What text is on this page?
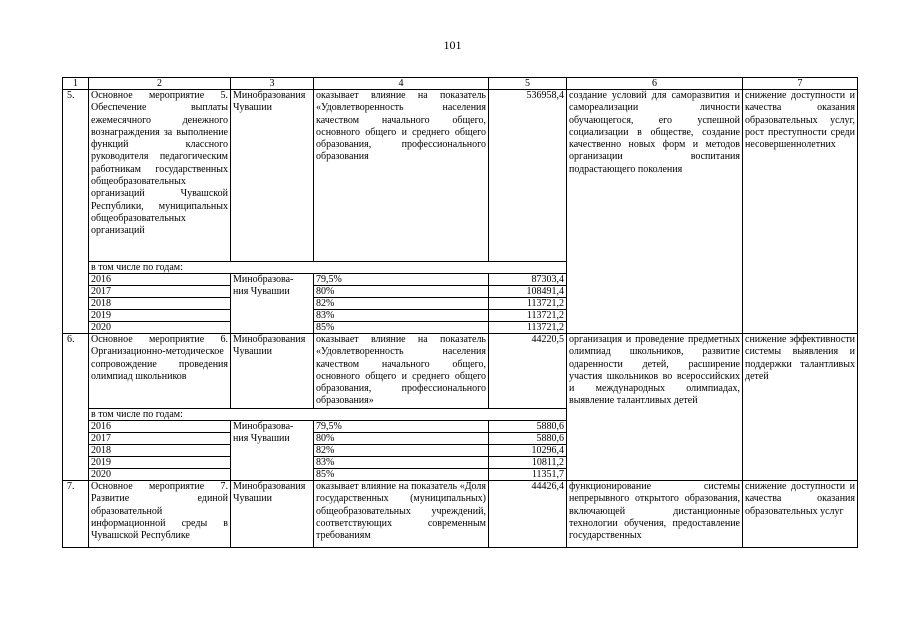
101
1	2	3	4	5	6	7
5.	Основное мероприятие 5. Обеспечение выплаты ежемесячного денежного вознаграждения за выполнение функций классного руководителя педагогическим работникам государственных общеобразовательных организаций Чувашской Республики, муниципальных общеобразовательных организаций	Минобразования Чувашии	оказывает влияние на показатель «Удовлетворенность населения качеством начального общего, основного общего и среднего общего образования, профессионального образования	536958,4	создание условий для саморазвития и самореализации личности обучающегося, его успешной социализации в обществе, создание качественно новых форм и методов организации воспитания подрастающего поколения	снижение доступности и качества оказания образовательных услуг, рост преступности среди несовершеннолетних
	в том числе по годам:					
	2016	Минобразова-	79,5%	87303,4		
	2017	ния Чувашии	80%	108491,4		
	2018		82%	113721,2		
	2019		83%	113721,2		
	2020		85%	113721,2		
6.	Основное мероприятие 6. Организационно-методическое сопровождение проведения олимпиад школьников	Минобразования Чувашии	оказывает влияние на показатель «Удовлетворенность населения качеством начального общего, основного общего и среднего общего образования, профессионального образования»	44220,5	организация и проведение предметных олимпиад школьников, развитие одаренности детей, расширение участия школьников во всероссийских и международных олимпиадах, выявление талантливых детей	снижение эффективности системы выявления и поддержки талантливых детей
	в том числе по годам:					
	2016	Минобразова-	79,5%	5880,6		
	2017	ния Чувашии	80%	5880,6		
	2018		82%	10296,4		
	2019		83%	10811,2		
	2020		85%	11351,7		
7.	Основное мероприятие 7. Развитие единой образовательной информационной среды в Чувашской Республике	Минобразования Чувашии	оказывает влияние на показатель «Доля государственных (муниципальных) общеобразовательных учреждений, соответствующих современным требованиям	44426,4	функционирование системы непрерывного открытого образования, включающей дистанционные технологии обучения, предоставление государственных	снижение доступности и качества оказания образовательных услуг
